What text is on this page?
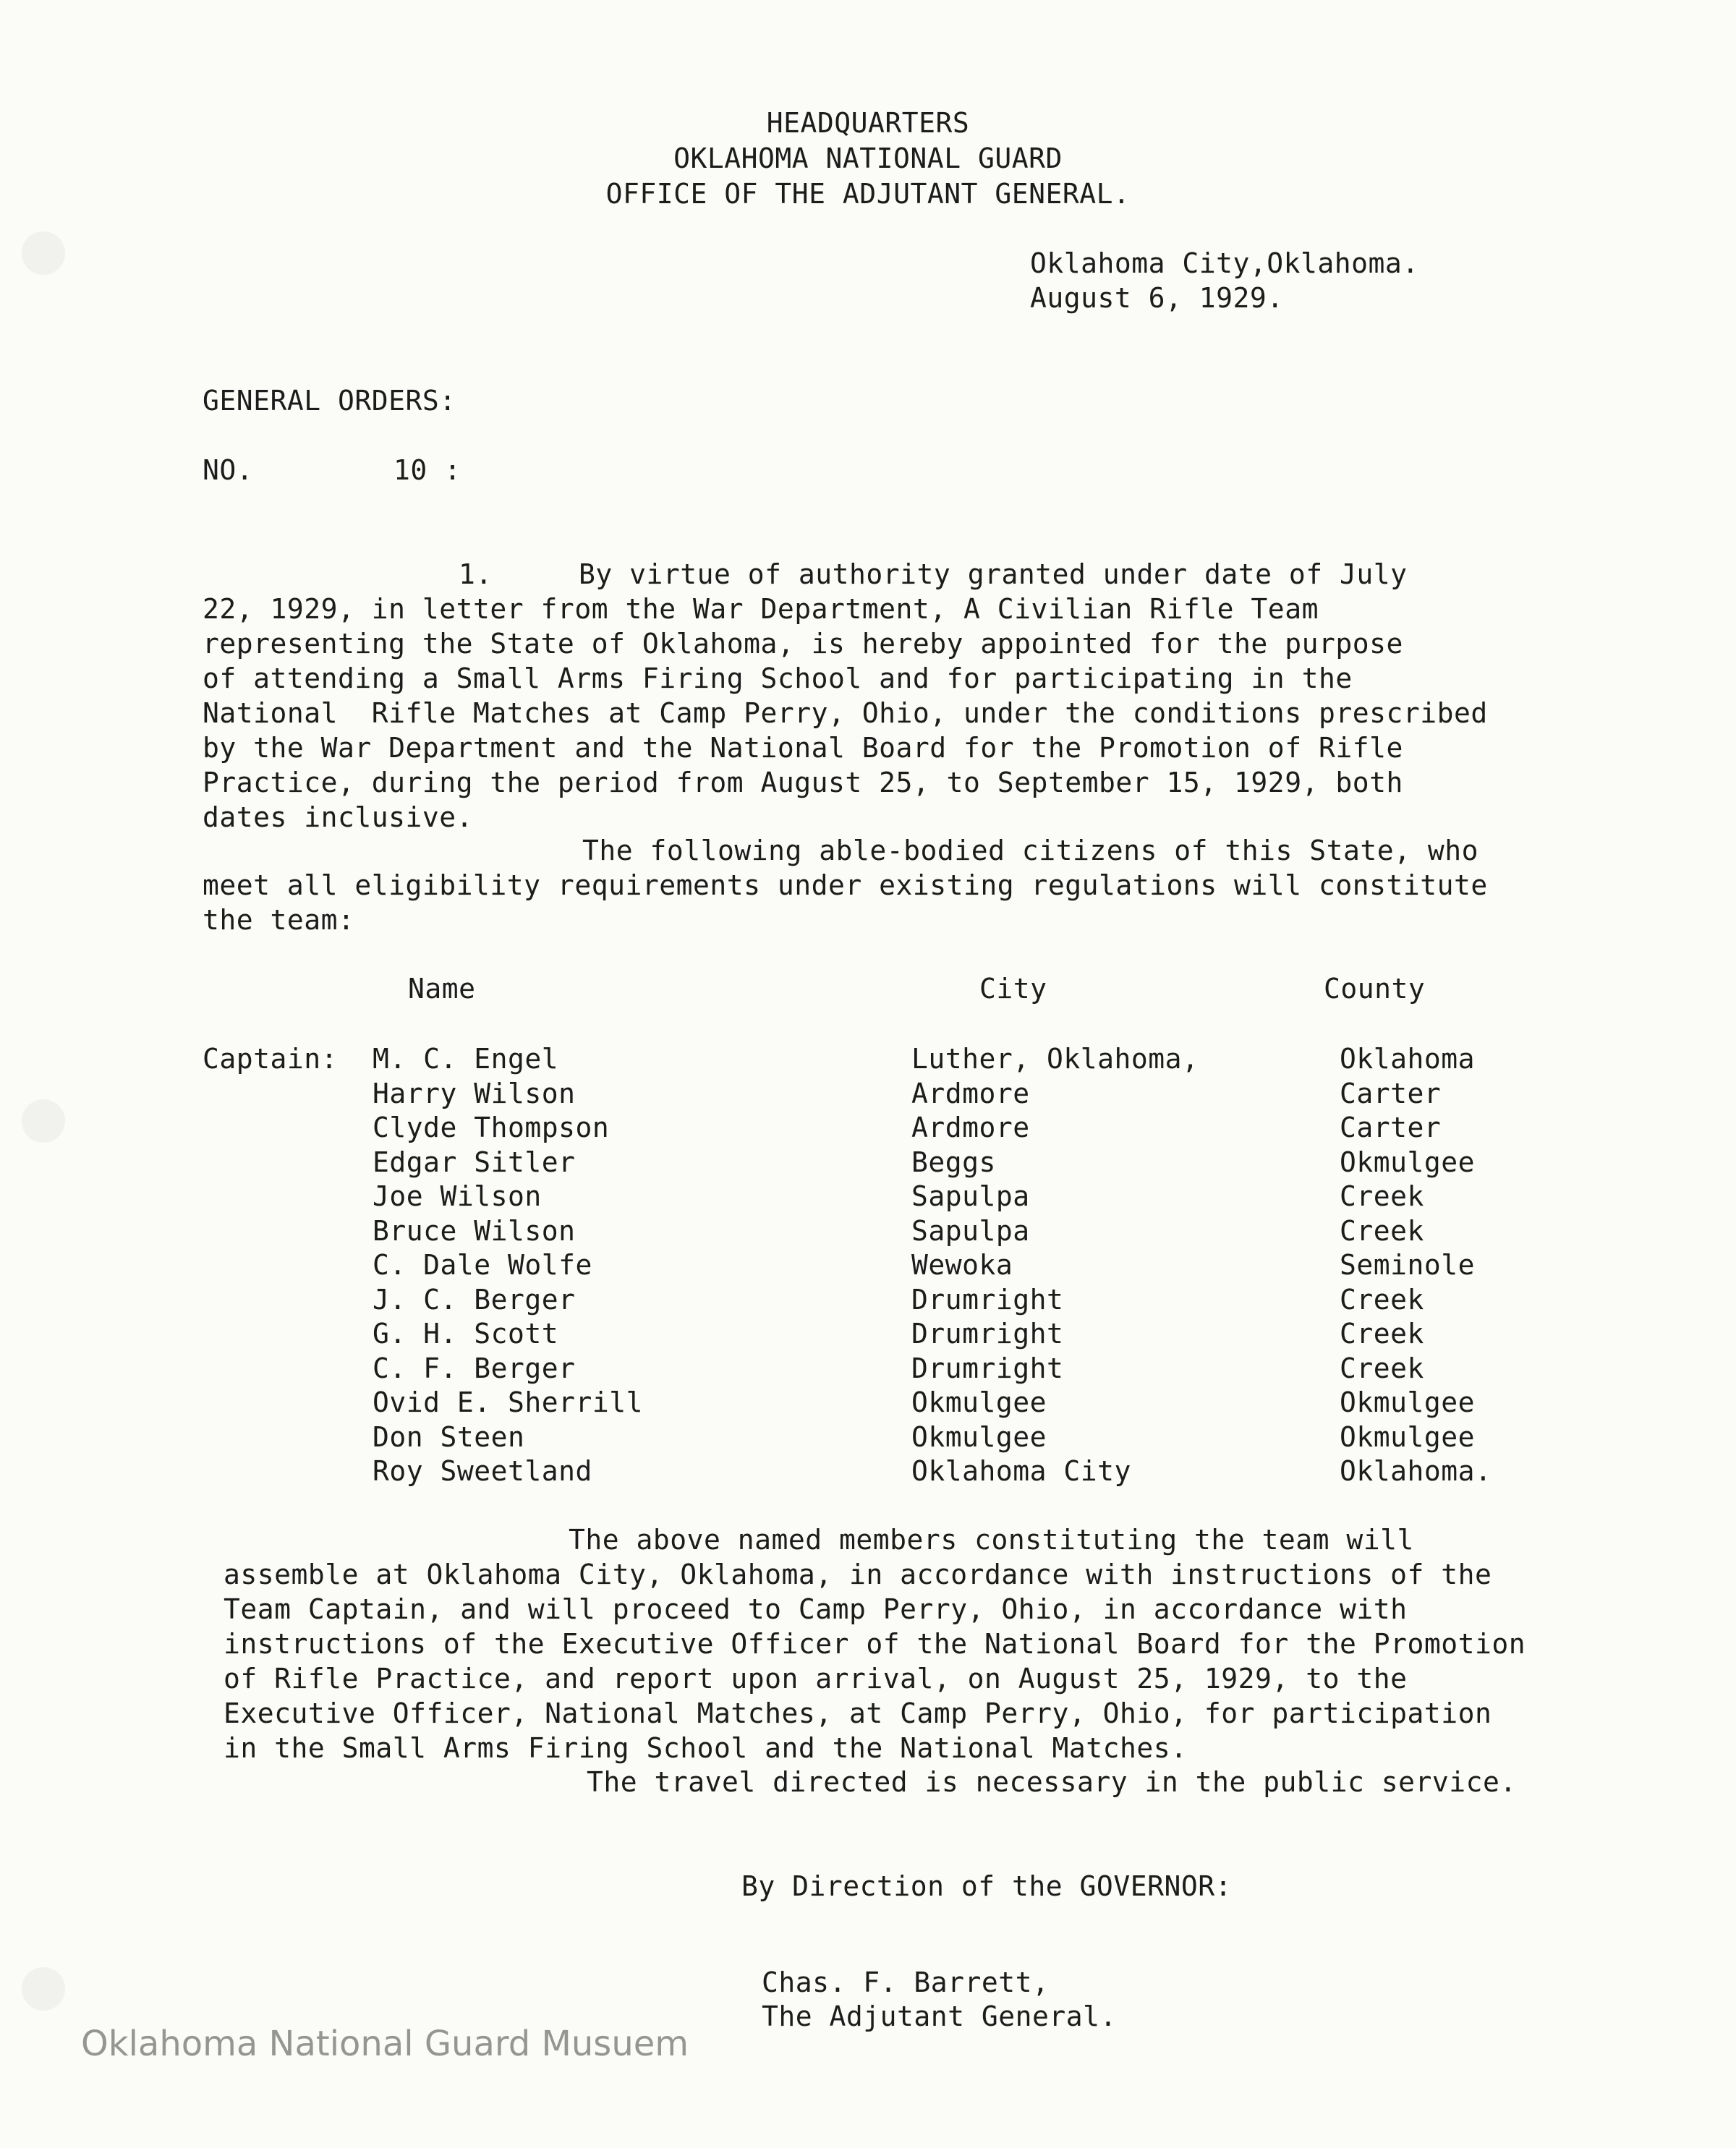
HEADQUARTERS
OKLAHOMA NATIONAL GUARD
OFFICE OF THE ADJUTANT GENERAL.
Oklahoma City,Oklahoma.
August 6, 1929.
GENERAL ORDERS:
NO.	10 :
1.	By virtue of authority granted under date of July
22, 1929, in letter from the War Department, A Civilian Rifle Team
representing the State of Oklahoma, is hereby appointed for the purpose
of attending a Small Arms Firing School and for participating in the
National  Rifle Matches at Camp Perry, Ohio, under the conditions prescribed
by the War Department and the National Board for the Promotion of Rifle
Practice, during the period from August 25, to September 15, 1929, both
dates inclusive.
The following able-bodied citizens of this State, who
meet all eligibility requirements under existing regulations will constitute
the team:
Name	City	County
Captain: M. C. Engel	Luther, Oklahoma,	Oklahoma
Harry Wilson	Ardmore	Carter
Clyde Thompson	Ardmore	Carter
Edgar Sitler	Beggs	Okmulgee
Joe Wilson	Sapulpa	Creek
Bruce Wilson	Sapulpa	Creek
C. Dale Wolfe	Wewoka	Seminole
J. C. Berger	Drumright	Creek
G. H. Scott	Drumright	Creek
C. F. Berger	Drumright	Creek
Ovid E. Sherrill	Okmulgee	Okmulgee
Don Steen	Okmulgee	Okmulgee
Roy Sweetland	Oklahoma City	Oklahoma.
The above named members constituting the team will
assemble at Oklahoma City, Oklahoma, in accordance with instructions of the
Team Captain, and will proceed to Camp Perry, Ohio, in accordance with
instructions of the Executive Officer of the National Board for the Promotion
of Rifle Practice, and report upon arrival, on August 25, 1929, to the
Executive Officer, National Matches, at Camp Perry, Ohio, for participation
in the Small Arms Firing School and the National Matches.
The travel directed is necessary in the public service.
By Direction of the GOVERNOR:
Chas. F. Barrett,
The Adjutant General.
Oklahoma National Guard Musuem
